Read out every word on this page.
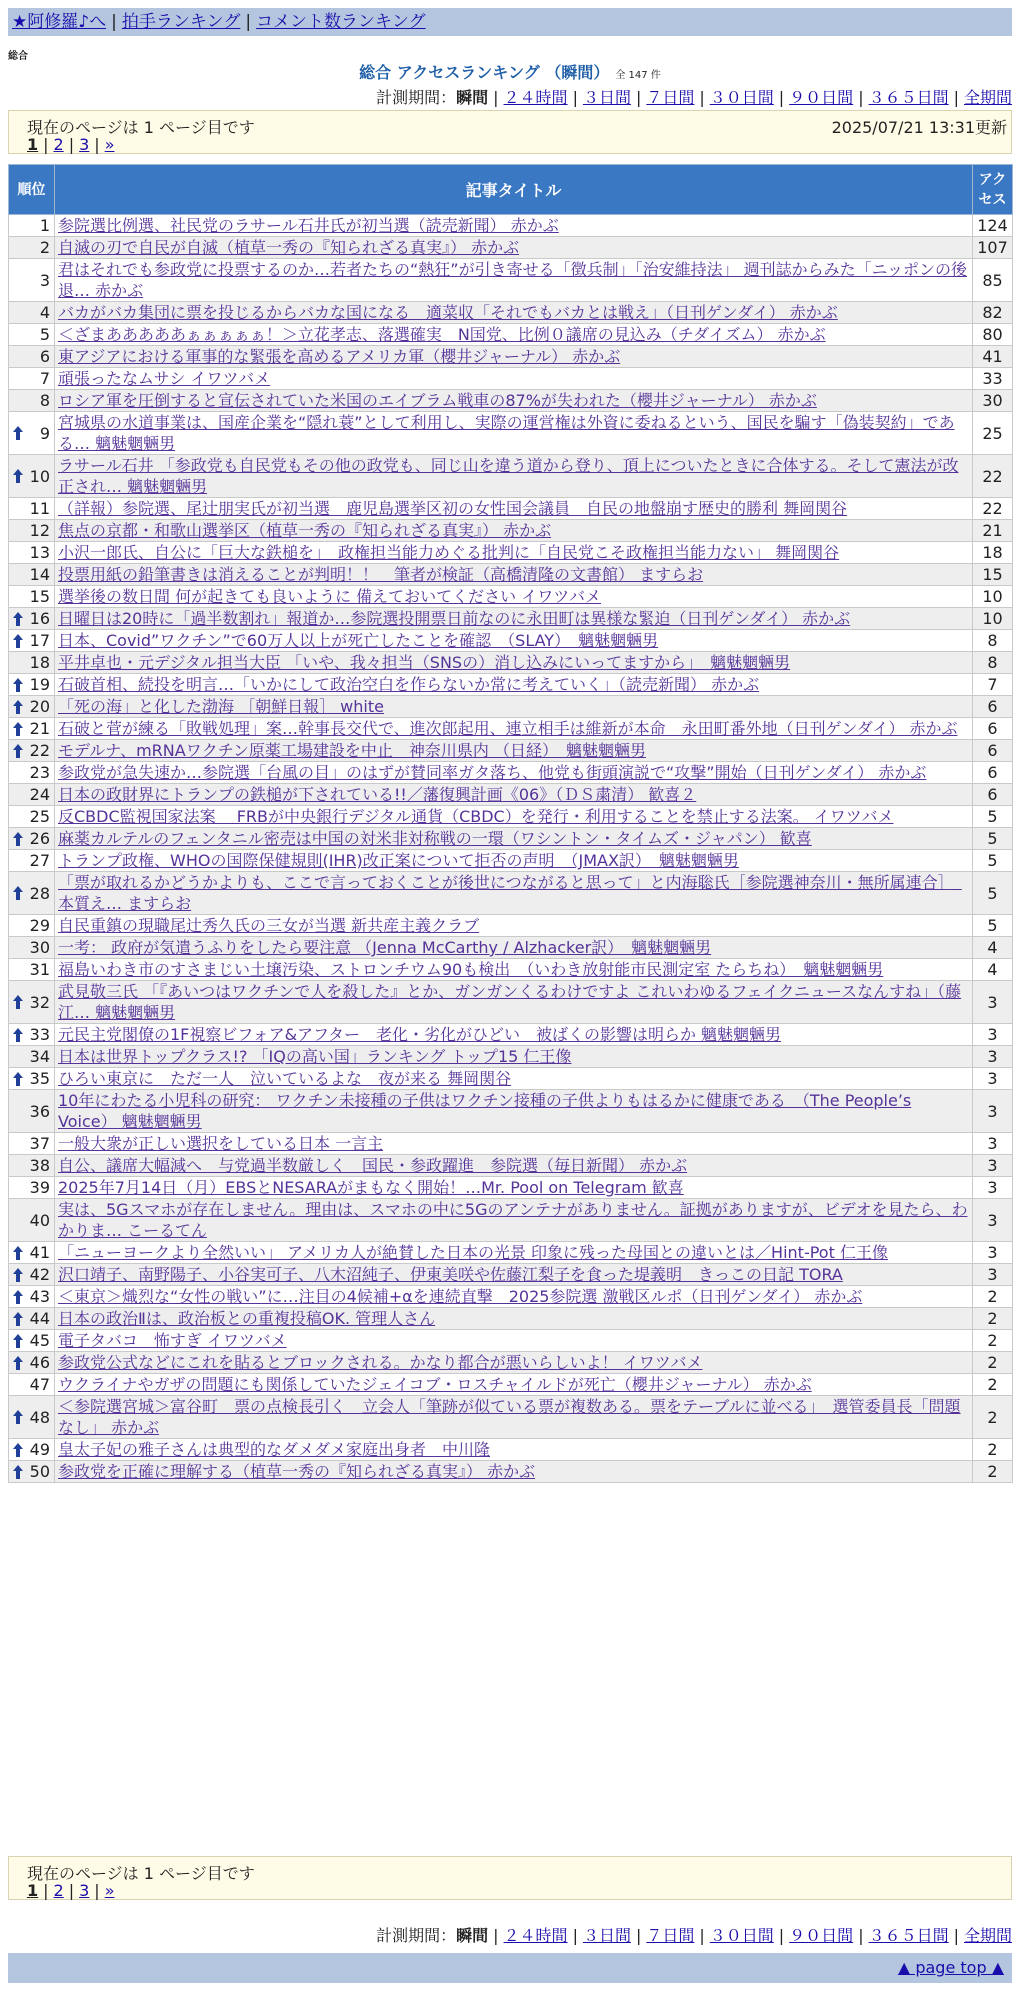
★阿修羅♪へ | 拍手ランキング | コメント数ランキング
総合
総合 アクセスランキング （瞬間） 全 147 件
計測期間：瞬間 | ２４時間 | ３日間 | ７日間 | ３０日間 | ９０日間 | ３６５日間 | 全期間
現在のページは 1 ページ目です	2025/07/21 13:31更新
1 | 2 | 3 | »
順位	記事タイトル	アクセス
1	参院選比例選、社民党のラサール石井氏が初当選（読売新聞） 赤かぶ	124
2	自滅の刃で自民が自滅（植草一秀の『知られざる真実』） 赤かぶ	107
3	君はそれでも参政党に投票するのか…若者たちの“熱狂”が引き寄せる「徴兵制」「治安維持法」 週刊誌からみた「ニッポンの後退… 赤かぶ	85
4	バカがバカ集団に票を投じるからバカな国になる　適菜収「それでもバカとは戦え」（日刊ゲンダイ） 赤かぶ	82
5	＜ざまあああああぁぁぁぁぁ！＞立花孝志、落選確実　N国党、比例０議席の見込み（チダイズム） 赤かぶ	80
6	東アジアにおける軍事的な緊張を高めるアメリカ軍（櫻井ジャーナル） 赤かぶ	41
7	頑張ったなムサシ イワツバメ	33
8	ロシア軍を圧倒すると宣伝されていた米国のエイブラム戦車の87%が失われた（櫻井ジャーナル） 赤かぶ	30

9	宮城県の水道事業は、国産企業を“隠れ蓑”として利用し、実際の運営権は外資に委ねるという、国民を騙す「偽装契約」である… 魑魅魍魎男	25

10	ラサール石井 「参政党も自民党もその他の政党も、同じ山を違う道から登り、頂上についたときに合体する。そして憲法が改正され… 魑魅魍魎男	22
11	（詳報）参院選、尾辻朋実氏が初当選　鹿児島選挙区初の女性国会議員　自民の地盤崩す歴史的勝利 舞岡関谷	22
12	焦点の京都・和歌山選挙区（植草一秀の『知られざる真実』） 赤かぶ	21
13	小沢一郎氏、自公に「巨大な鉄槌を」　政権担当能力めぐる批判に「自民党こそ政権担当能力ない」 舞岡関谷	18
14	投票用紙の鉛筆書きは消えることが判明！！　筆者が検証（高橋清隆の文書館） ますらお	15
15	選挙後の数日間 何が起きても良いように 備えておいてください イワツバメ	10

16	日曜日は20時に「過半数割れ」報道か…参院選投開票日前なのに永田町は異様な緊迫（日刊ゲンダイ） 赤かぶ	10

17	日本、Covid”ワクチン”で60万人以上が死亡したことを確認　（SLAY）　魑魅魍魎男	8
18	平井卓也・元デジタル担当大臣 「いや、我々担当（SNSの）消し込みにいってますから」　魑魅魍魎男	8

19	石破首相、続投を明言…「いかにして政治空白を作らないか常に考えていく」（読売新聞） 赤かぶ	7

20	「死の海」と化した渤海 ［朝鮮日報］ white	6

21	石破と菅が練る「敗戦処理」案…幹事長交代で、進次郎起用、連立相手は維新が本命　永田町番外地（日刊ゲンダイ） 赤かぶ	6

22	モデルナ、mRNAワクチン原薬工場建設を中止　神奈川県内 （日経）　魑魅魍魎男	6
23	参政党が急失速か…参院選「台風の目」のはずが賛同率ガタ落ち、他党も街頭演説で“攻撃”開始（日刊ゲンダイ） 赤かぶ	6
24	日本の政財界にトランプの鉄槌が下されている!!／藩復興計画《06》（ＤＳ粛清） 歓喜２	6
25	反CBDC監視国家法案　 FRBが中央銀行デジタル通貨（CBDC）を発行・利用することを禁止する法案。 イワツバメ	5

26	麻薬カルテルのフェンタニル密売は中国の対米非対称戦の一環（ワシントン・タイムズ・ジャパン） 歓喜	5
27	トランプ政権、WHOの国際保健規則(IHR)改正案について拒否の声明　（JMAX訳）　魑魅魍魎男	5

28	「票が取れるかどうかよりも、ここで言っておくことが後世につながると思って」と内海聡氏［参院選神奈川・無所属連合］　本質え… ますらお	5
29	自民重鎮の現職尾辻秀久氏の三女が当選 新共産主義クラブ	5
30	一考： 政府が気遣うふりをしたら要注意 （Jenna McCarthy / Alzhacker訳）　魑魅魍魎男	4
31	福島いわき市のすさまじい土壌汚染、ストロンチウム90も検出　（いわき放射能市民測定室 たらちね）　魑魅魍魎男	4

32	武見敬三氏 「『あいつはワクチンで人を殺した』とか、ガンガンくるわけですよ これいわゆるフェイクニュースなんすね」（藤江… 魑魅魍魎男	3

33	元民主党閣僚の1F視察ビフォア&アフター　老化・劣化がひどい　被ばくの影響は明らか 魑魅魍魎男	3
34	日本は世界トップクラス!? 「IQの高い国」ランキング トップ15 仁王像	3

35	ひろい東京に　ただ一人　泣いているよな　夜が来る 舞岡関谷	3
36	10年にわたる小児科の研究： ワクチン未接種の子供はワクチン接種の子供よりもはるかに健康である　（The People’s Voice） 魑魅魍魎男	3
37	一般大衆が正しい選択をしている日本 一言主	3
38	自公、議席大幅減へ　与党過半数厳しく　国民・参政躍進　参院選（毎日新聞） 赤かぶ	3
39	2025年7月14日（月）EBSとNESARAがまもなく開始！…Mr. Pool on Telegram 歓喜	3
40	実は、5Gスマホが存在しません。理由は、スマホの中に5Gのアンテナがありません。証拠がありますが、ビデオを見たら、わかりま… こーるてん	3

41	「ニューヨークより全然いい」 アメリカ人が絶賛した日本の光景 印象に残った母国との違いとは／Hint-Pot 仁王像	3

42	沢口靖子、南野陽子、小谷実可子、八木沼純子、伊東美咲や佐藤江梨子を食った堤義明　きっこの日記 TORA	3

43	＜東京＞熾烈な“女性の戦い”に…注目の4候補+αを連続直撃　2025参院選 激戦区ルポ（日刊ゲンダイ） 赤かぶ	2

44	日本の政治Ⅱは、政治板との重複投稿OK. 管理人さん	2

45	電子タバコ　怖すぎ イワツバメ	2

46	参政党公式などにこれを貼るとブロックされる。かなり都合が悪いらしいよ！ イワツバメ	2
47	ウクライナやガザの問題にも関係していたジェイコブ・ロスチャイルドが死亡（櫻井ジャーナル） 赤かぶ	2

48	＜参院選宮城＞富谷町　票の点検長引く　立会人「筆跡が似ている票が複数ある。票をテーブルに並べる」　選管委員長「問題なし」 赤かぶ	2

49	皇太子妃の雅子さんは典型的なダメダメ家庭出身者　中川隆	2

50	参政党を正確に理解する（植草一秀の『知られざる真実』） 赤かぶ	2
現在のページは 1 ページ目です
1 | 2 | 3 | »
計測期間：瞬間 | ２４時間 | ３日間 | ７日間 | ３０日間 | ９０日間 | ３６５日間 | 全期間
▲ page top ▲
